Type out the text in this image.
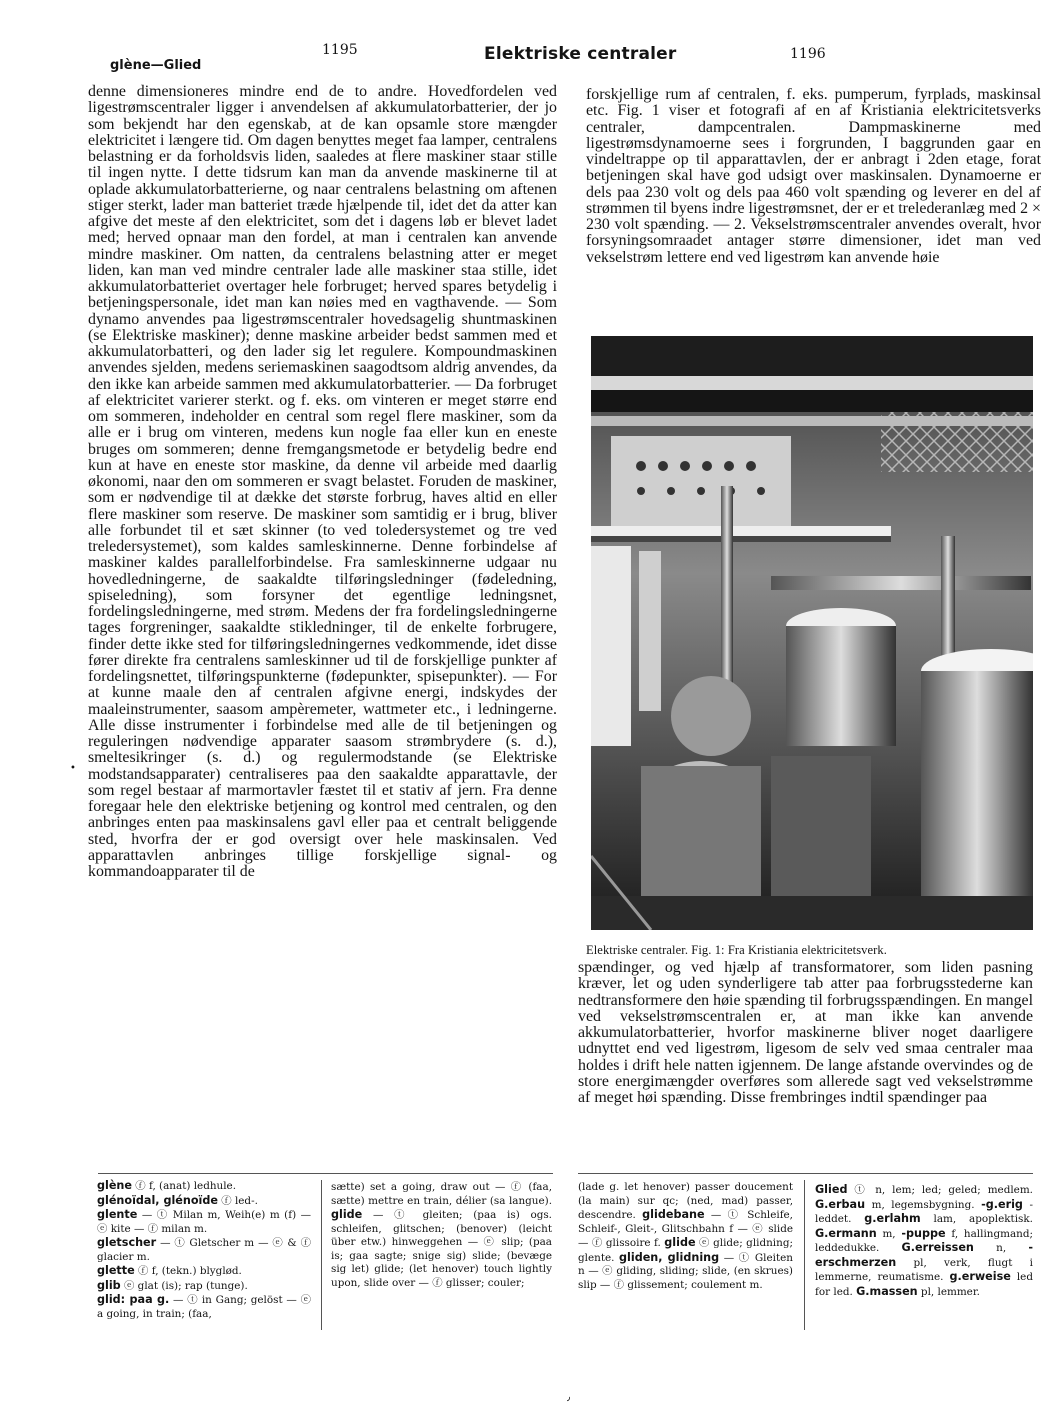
glène—Glied
1195	Elektriske centraler	1196
denne dimensioneres mindre end de to andre. Hovedfordelen ved ligestrømscentraler ligger i anvendelsen af akkumulatorbatterier, der jo som bekjendt har den egenskab, at de kan opsamle store mængder elektricitet i længere tid. Om dagen benyttes meget faa lamper, centralens belastning er da forholdsvis liden, saaledes at flere maskiner staar stille til ingen nytte. I dette tidsrum kan man da anvende maskinerne til at oplade akkumulatorbatterierne, og naar centralens belastning om aftenen stiger sterkt, lader man batteriet træde hjælpende til, idet det da atter kan afgive det meste af den elektricitet, som det i dagens løb er blevet ladet med; herved opnaar man den fordel, at man i centralen kan anvende mindre maskiner. Om natten, da centralens belastning atter er meget liden, kan man ved mindre centraler lade alle maskiner staa stille, idet akkumulatorbatteriet overtager hele forbruget; herved spares betydelig i betjeningspersonale, idet man kan nøies med en vagthavende. — Som dynamo anvendes paa ligestrømscentraler hovedsagelig shuntmaskinen (se Elektriske maskiner); denne maskine arbeider bedst sammen med et akkumulatorbatteri, og den lader sig let regulere. Kompoundmaskinen anvendes sjelden, medens seriemaskinen saagodtsom aldrig anvendes, da den ikke kan arbeide sammen med akkumulatorbatterier. — Da forbruget af elektricitet varierer sterkt. og f. eks. om vinteren er meget større end om sommeren, indeholder en central som regel flere maskiner, som da alle er i brug om vinteren, medens kun nogle faa eller kun en eneste bruges om sommeren; denne fremgangsmetode er betydelig bedre end kun at have en eneste stor maskine, da denne vil arbeide med daarlig økonomi, naar den om sommeren er svagt belastet. Foruden de maskiner, som er nødvendige til at dække det største forbrug, haves altid en eller flere maskiner som reserve. De maskiner som samtidig er i brug, bliver alle forbundet til et sæt skinner (to ved toledersystemet og tre ved treledersystemet), som kaldes samleskinnerne. Denne forbindelse af maskiner kaldes parallelforbindelse. Fra samleskinnerne udgaar nu hovedledningerne, de saakaldte tilføringsledninger (fødeledning, spiseledning), som forsyner det egentlige ledningsnet, fordelingsledningerne, med strøm. Medens der fra fordelingsledningerne tages forgreninger, saakaldte stikledninger, til de enkelte forbrugere, finder dette ikke sted for tilføringsledningernes vedkommende, idet disse fører direkte fra centralens samleskinner ud til de forskjellige punkter af fordelingsnettet, tilføringspunkterne (fødepunkter, spisepunkter). — For at kunne maale den af centralen afgivne energi, indskydes der maaleinstrumenter, saasom ampèremeter, wattmeter etc., i ledningerne. Alle disse instrumenter i forbindelse med alle de til betjeningen og reguleringen nødvendige apparater saasom strømbrydere (s. d.), smeltesikringer (s. d.) og regulermodstande (se Elektriske modstandsapparater) centraliseres paa den saakaldte apparattavle, der som regel bestaar af marmortavler fæstet til et stativ af jern. Fra denne foregaar hele den elektriske betjening og kontrol med centralen, og den anbringes enten paa maskinsalens gavl eller paa et centralt beliggende sted, hvorfra der er god oversigt over hele maskinsalen. Ved apparattavlen anbringes tillige forskjellige signal- og kommandoapparater til de
•
forskjellige rum af centralen, f. eks. pumperum, fyrplads, maskinsal etc. Fig. 1 viser et fotografi af en af Kristiania elektricitetsverks centraler, dampcentralen. Dampmaskinerne med ligestrømsdynamoerne sees i forgrunden, I baggrunden gaar en vindeltrappe op til apparattavlen, der er anbragt i 2den etage, forat betjeningen skal have god udsigt over maskinsalen. Dynamoerne er dels paa 230 volt og dels paa 460 volt spænding og leverer en del af strømmen til byens indre ligestrømsnet, der er et trelederanlæg med 2 × 230 volt spænding. — 2. Vekselstrømscentraler anvendes overalt, hvor forsyningsomraadet antager større dimensioner, idet man ved vekselstrøm lettere end ved ligestrøm kan anvende høie
Elektriske centraler. Fig. 1: Fra Kristiania elektricitetsverk.
spændinger, og ved hjælp af transformatorer, som liden pasning kræver, let og uden synderligere tab atter paa forbrugsstederne kan nedtransformere den høie spænding til forbrugsspændingen. En mangel ved vekselstrømscentralen er, at man ikke kan anvende akkumulatorbatterier, hvorfor maskinerne bliver noget daarligere udnyttet end ved ligestrøm, ligesom de selv ved smaa centraler maa holdes i drift hele natten igjennem. De lange afstande overvindes og de store energimængder overføres som allerede sagt ved vekselstrømme af meget høi spænding. Disse frembringes indtil spændinger paa
glène ⓕ f, (anat) ledhule.
glénoïdal, glénoïde ⓕ led-.
glente — ⓣ Milan m, Weih(e) m (f) — ⓔ kite — ⓕ milan m.
gletscher — ⓣ Gletscher m — ⓔ & ⓕ glacier m.
glette ⓕ f, (tekn.) blyglød.
glib ⓔ glat (is); rap (tunge).
glid: paa g. — ⓣ in Gang; gelöst — ⓔ a going, in train; (faa,
sætte) set a going, draw out — ⓕ (faa, sætte) mettre en train, délier (sa langue). glide — ⓣ gleiten; (paa is) ogs. schleifen, glitschen; (benover) (leicht über etw.) hinweggehen — ⓔ slip; (paa is; gaa sagte; snige sig) slide; (bevæge sig let) glide; (let henover) touch lightly upon, slide over — ⓕ glisser; couler;
(lade g. let henover) passer doucement (la main) sur qc; (ned, mad) passer, descendre. glidebane — ⓣ Schleife, Schleif-, Gleit-, Glitschbahn f — ⓔ slide — ⓕ glissoire f. glide ⓔ glide; glidning; glente. gliden, glidning — ⓣ Gleiten n — ⓔ gliding, sliding; slide, (en skrues) slip — ⓕ glissement; coulement m.
Glied ⓣ n, lem; led; geled; medlem. G.erbau m, legemsbygning. -g.erig -leddet. g.erlahm lam, apoplektisk. G.ermann m, -puppe f, hallingmand; leddedukke. G.erreissen n, -erschmerzen pl, verk, flugt i lemmerne, reumatisme. g.erweise led for led. G.massen pl, lemmer.
٫
